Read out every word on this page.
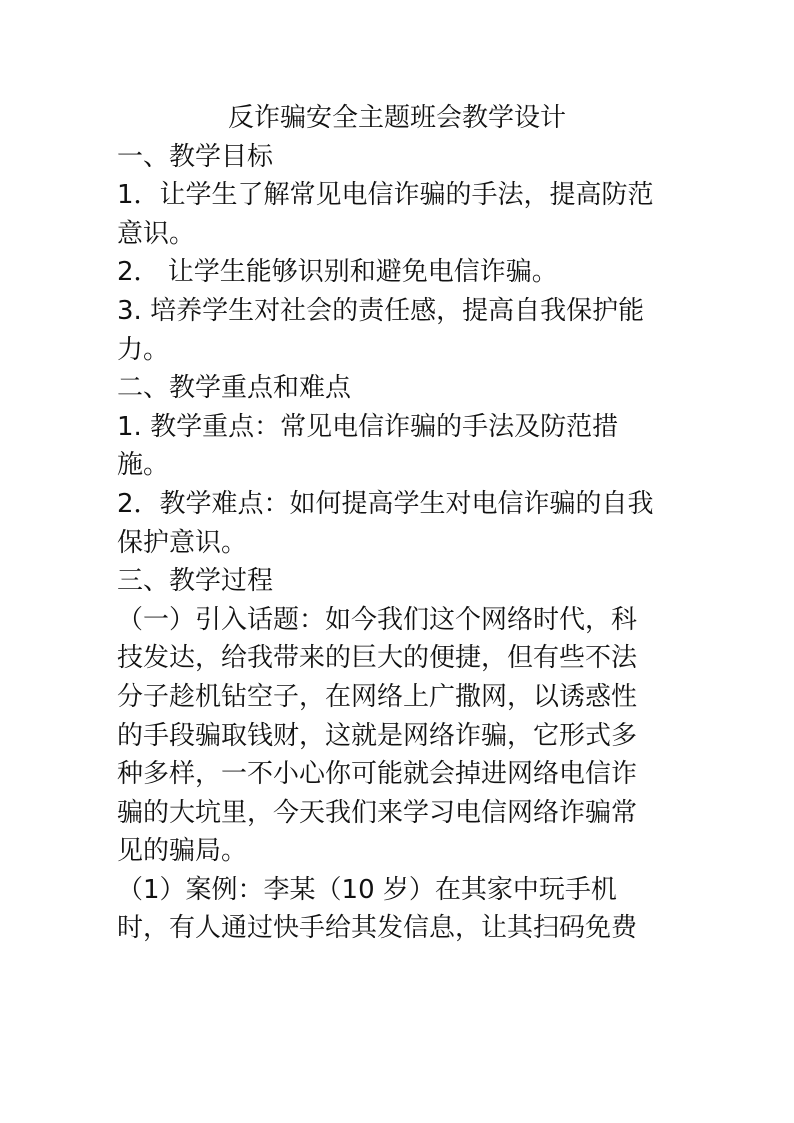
反诈骗安全主题班会教学设计

一、教学目标

1．让学生了解常见电信诈骗的手法，提高防范

意识。

2． 让学生能够识别和避免电信诈骗。

3. 培养学生对社会的责任感，提高自我保护能

力。

二、教学重点和难点

1. 教学重点：常见电信诈骗的手法及防范措

施。

2．教学难点：如何提高学生对电信诈骗的自我

保护意识。

三、教学过程

（一）引入话题：如今我们这个网络时代，科

技发达，给我带来的巨大的便捷，但有些不法

分子趁机钻空子，在网络上广撒网，以诱惑性

的手段骗取钱财，这就是网络诈骗，它形式多

种多样，一不小心你可能就会掉进网络电信诈

骗的大坑里，今天我们来学习电信网络诈骗常

见的骗局。

（1）案例：李某（10 岁）在其家中玩手机

时，有人通过快手给其发信息，让其扫码免费
